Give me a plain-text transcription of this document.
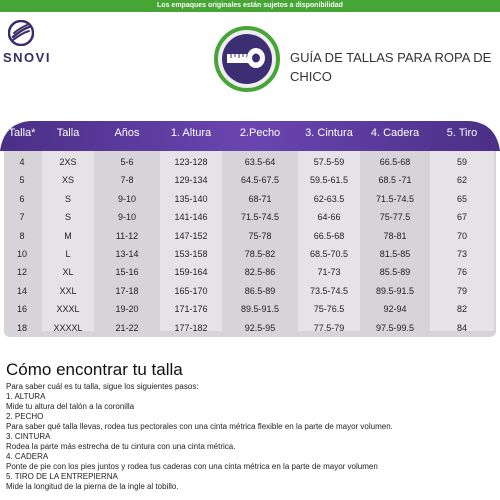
Los empaques originales están sujetos a disponibilidad
SNOVI	GUÍA DE TALLAS PARA ROPA DE CHICO
Talla*	Talla	Años	1. Altura	2.Pecho	3. Cintura	4. Cadera	5. Tiro
4	2XS	5-6	123-128	63.5-64	57.5-59	66.5-68	59
5	XS	7-8	129-134	64.5-67.5	59.5-61.5	68.5 -71	62
6	S	9-10	135-140	68-71	62-63.5	71.5-74.5	65
7	S	9-10	141-146	71.5-74.5	64-66	75-77.5	67
8	M	11-12	147-152	75-78	66.5-68	78-81	70
10	L	13-14	153-158	78.5-82	68.5-70.5	81.5-85	73
12	XL	15-16	159-164	82.5-86	71-73	85.5-89	76
14	XXL	17-18	165-170	86.5-89	73.5-74.5	89.5-91.5	79
16	XXXL	19-20	171-176	89.5-91.5	75-76.5	92-94	82
18	XXXXL	21-22	177-182	92.5-95	77.5-79	97.5-99.5	84
Cómo encontrar tu talla
Para saber cuál es tu talla, sigue los siguientes pasos:
1. ALTURA
Mide tu altura del talón a la coronilla
2. PECHO
Para saber qué talla llevas, rodea tus pectorales con una cinta métrica flexible en la parte de mayor volumen.
3. CINTURA
Rodea la parte más estrecha de tu cintura con una cinta métrica.
4. CADERA
Ponte de pie con los pies juntos y rodea tus caderas con una cinta métrica en la parte de mayor volumen
5. TIRO DE LA ENTREPIERNA
Mide la longitud de la pierna de la ingle al tobillo.
